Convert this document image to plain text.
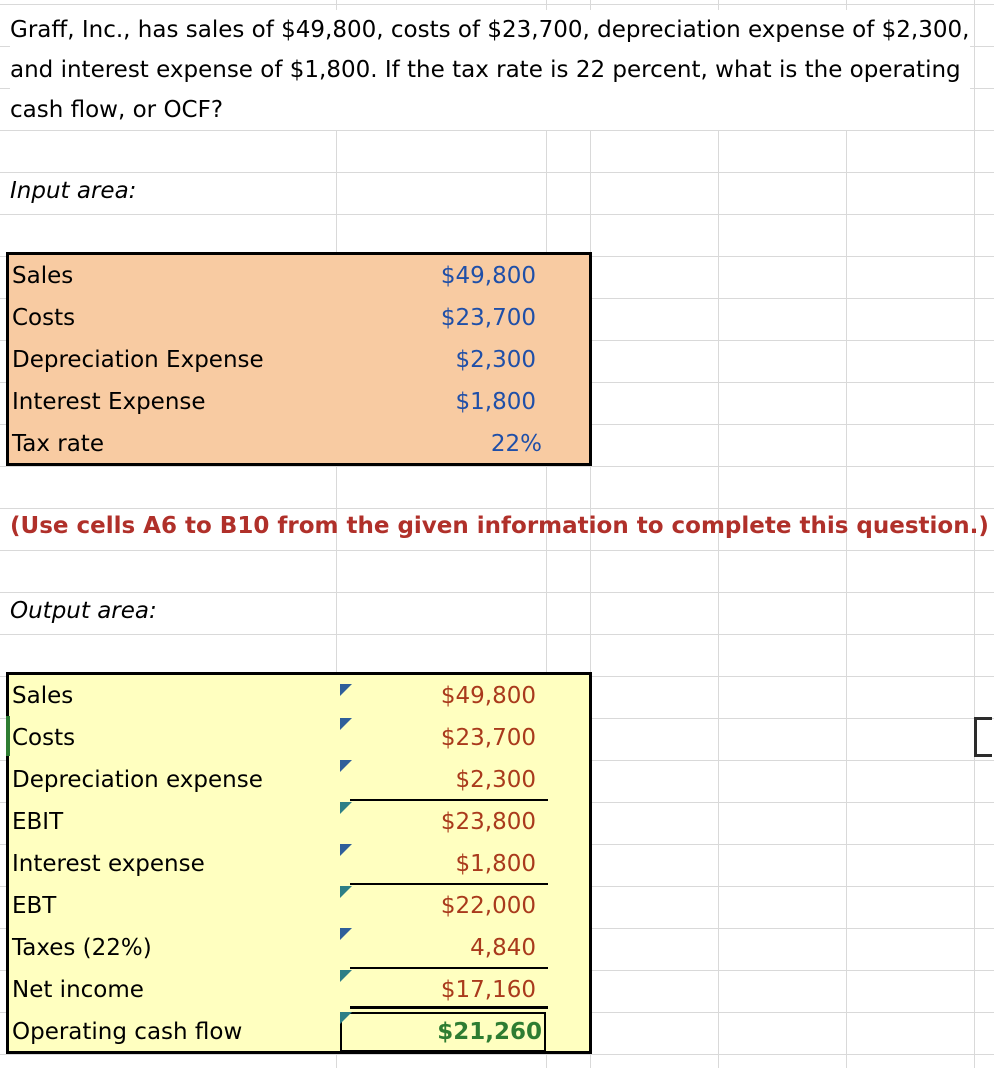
Graff, Inc., has sales of $49,800, costs of $23,700, depreciation expense of $2,300, and interest expense of $1,800. If the tax rate is 22 percent, what is the operating cash flow, or OCF?
Input area:
Sales	$49,800
Costs	$23,700
Depreciation Expense	$2,300
Interest Expense	$1,800
Tax rate	22%
(Use cells A6 to B10 from the given information to complete this question.)
Output area:
Sales	$49,800
Costs	$23,700
Depreciation expense	$2,300
EBIT	$23,800
Interest expense	$1,800
EBT	$22,000
Taxes (22%)	4,840
Net income	$17,160
Operating cash flow	$21,260
